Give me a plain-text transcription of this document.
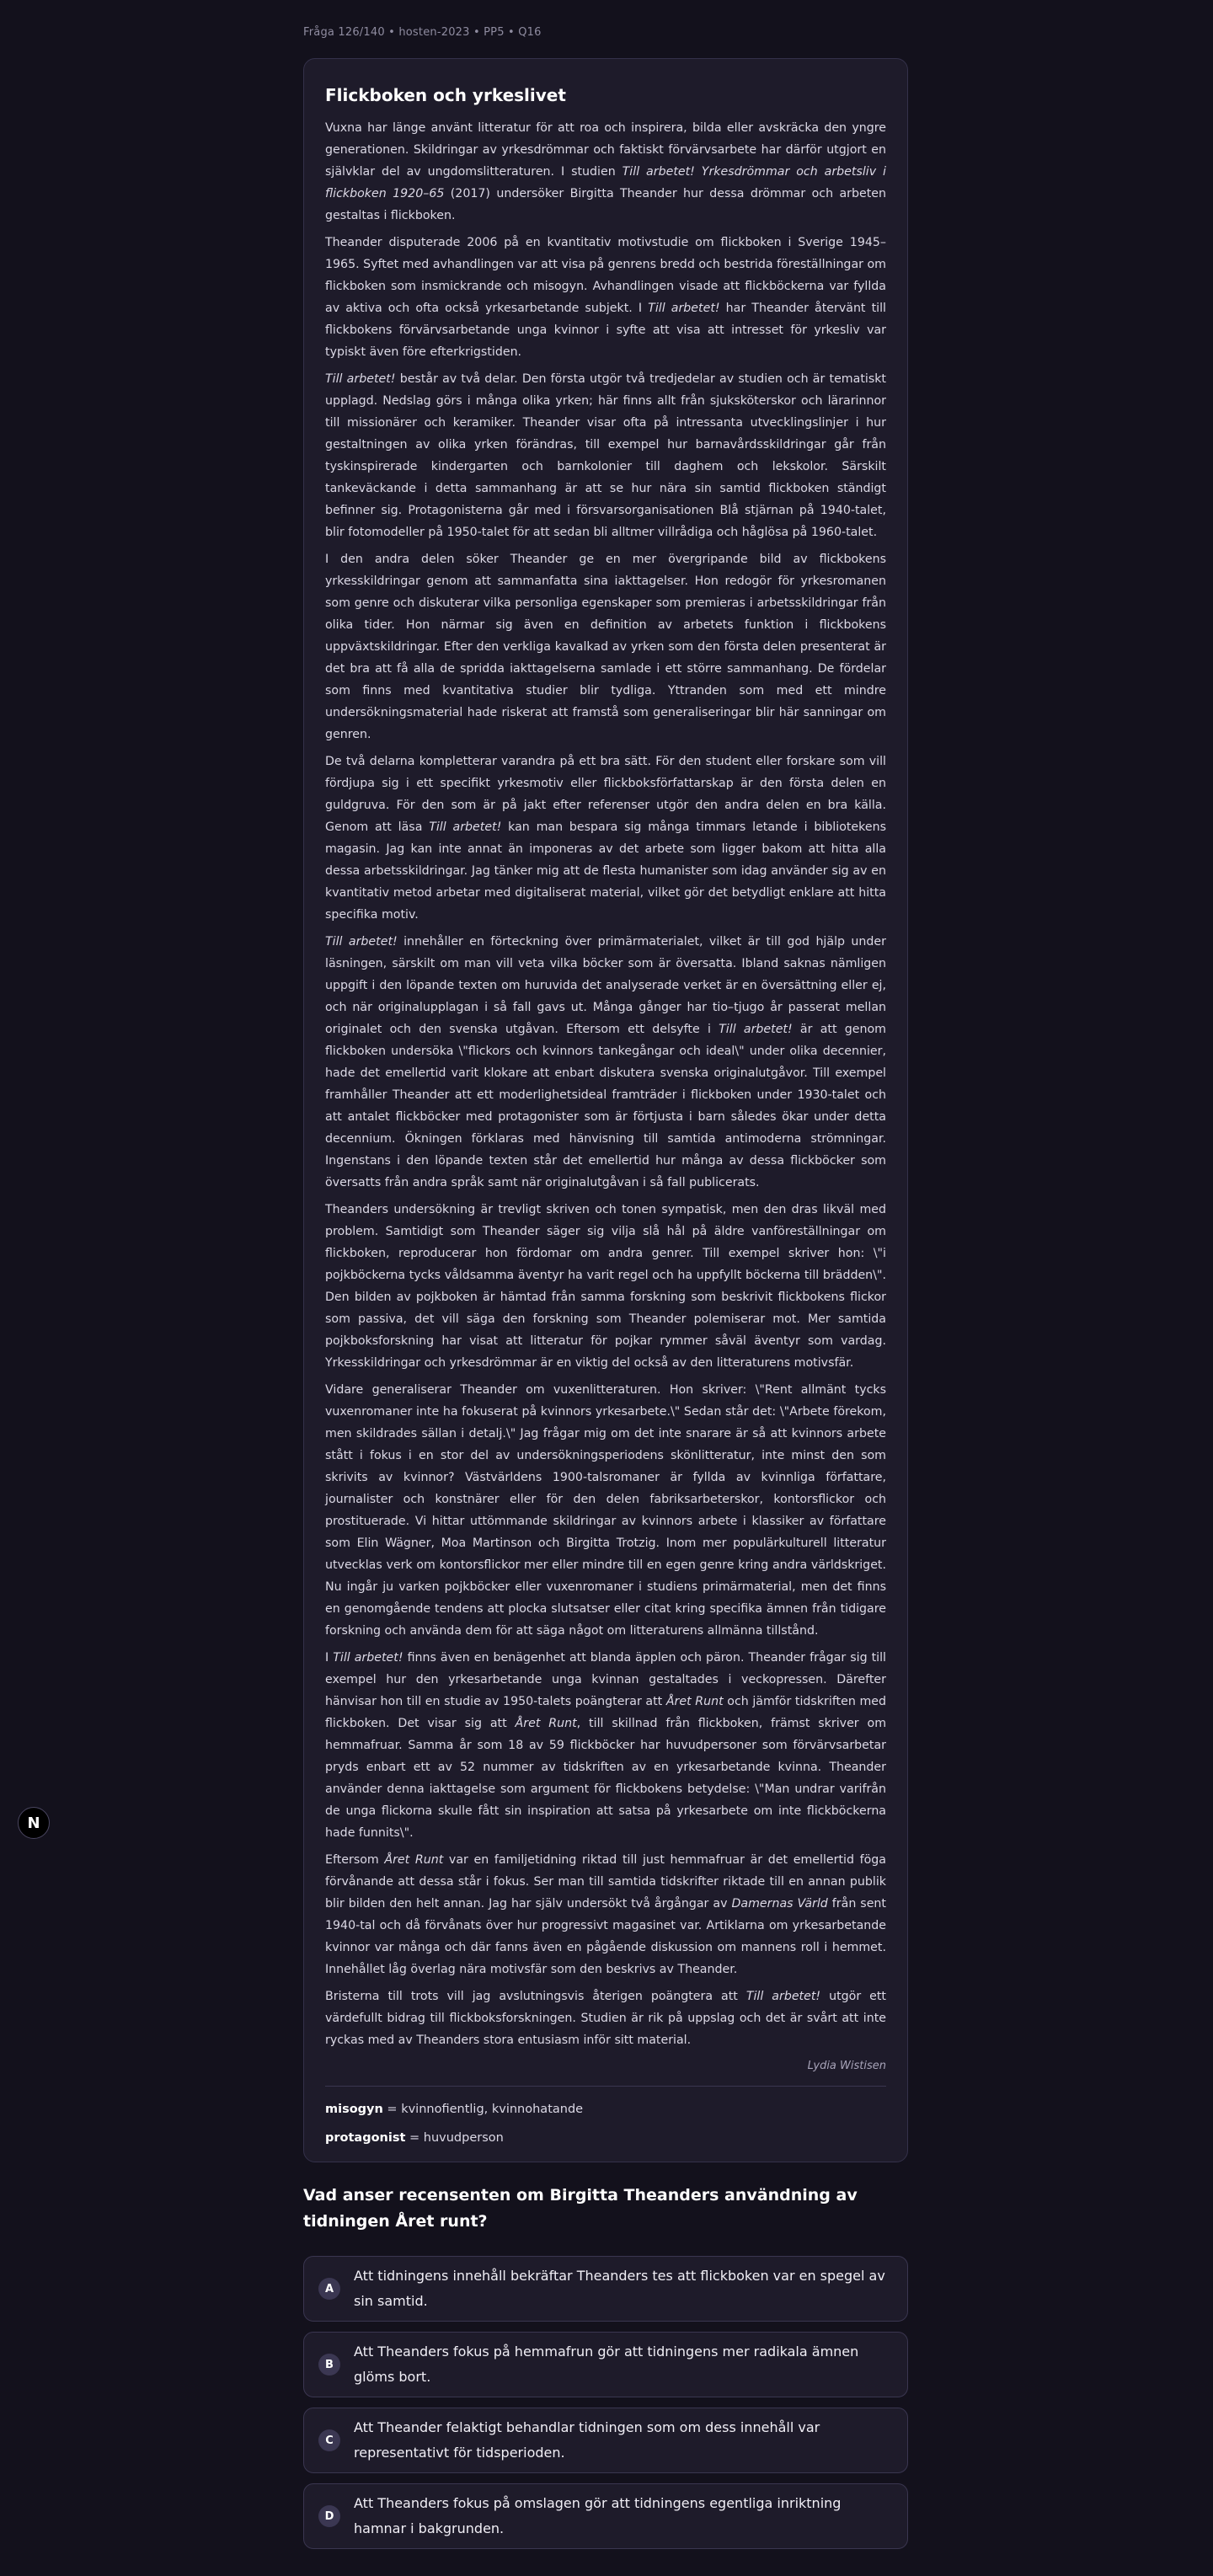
Fråga 126/140 • hosten-2023 • PP5 • Q16
Flickboken och yrkeslivet

Vuxna har länge använt litteratur för att roa och inspirera, bilda eller avskräcka den yngre generationen. Skildringar av yrkesdrömmar och faktiskt förvärvsarbete har därför utgjort en självklar del av ungdomslitteraturen. I studien Till arbetet! Yrkesdrömmar och arbetsliv i flickboken 1920–65 (2017) undersöker Birgitta Theander hur dessa drömmar och arbeten gestaltas i flickboken.

Theander disputerade 2006 på en kvantitativ motivstudie om flickboken i Sverige 1945–1965. Syftet med avhandlingen var att visa på genrens bredd och bestrida föreställningar om flickboken som insmickrande och misogyn. Avhandlingen visade att flickböckerna var fyllda av aktiva och ofta också yrkesarbetande subjekt. I Till arbetet! har Theander återvänt till flickbokens förvärvsarbetande unga kvinnor i syfte att visa att intresset för yrkesliv var typiskt även före efterkrigstiden.

Till arbetet! består av två delar. Den första utgör två tredjedelar av studien och är tematiskt upplagd. Nedslag görs i många olika yrken; här finns allt från sjuksköterskor och lärarinnor till missionärer och keramiker. Theander visar ofta på intressanta utvecklingslinjer i hur gestaltningen av olika yrken förändras, till exempel hur barnavårdsskildringar går från tyskinspirerade kindergarten och barnkolonier till daghem och lekskolor. Särskilt tankeväckande i detta sammanhang är att se hur nära sin samtid flickboken ständigt befinner sig. Protagonisterna går med i försvarsorganisationen Blå stjärnan på 1940-talet, blir fotomodeller på 1950-talet för att sedan bli alltmer villrådiga och håglösa på 1960-talet.

I den andra delen söker Theander ge en mer övergripande bild av flickbokens yrkesskildringar genom att sammanfatta sina iakttagelser. Hon redogör för yrkesromanen som genre och diskuterar vilka personliga egenskaper som premieras i arbetsskildringar från olika tider. Hon närmar sig även en definition av arbetets funktion i flickbokens uppväxtskildringar. Efter den verkliga kavalkad av yrken som den första delen presenterat är det bra att få alla de spridda iakttagelserna samlade i ett större sammanhang. De fördelar som finns med kvantitativa studier blir tydliga. Yttranden som med ett mindre undersökningsmaterial hade riskerat att framstå som generaliseringar blir här sanningar om genren.

De två delarna kompletterar varandra på ett bra sätt. För den student eller forskare som vill fördjupa sig i ett specifikt yrkesmotiv eller flickboksförfattarskap är den första delen en guldgruva. För den som är på jakt efter referenser utgör den andra delen en bra källa. Genom att läsa Till arbetet! kan man bespara sig många timmars letande i bibliotekens magasin. Jag kan inte annat än imponeras av det arbete som ligger bakom att hitta alla dessa arbetsskildringar. Jag tänker mig att de flesta humanister som idag använder sig av en kvantitativ metod arbetar med digitaliserat material, vilket gör det betydligt enklare att hitta specifika motiv.

Till arbetet! innehåller en förteckning över primärmaterialet, vilket är till god hjälp under läsningen, särskilt om man vill veta vilka böcker som är översatta. Ibland saknas nämligen uppgift i den löpande texten om huruvida det analyserade verket är en översättning eller ej, och när originalupplagan i så fall gavs ut. Många gånger har tio–tjugo år passerat mellan originalet och den svenska utgåvan. Eftersom ett delsyfte i Till arbetet! är att genom flickboken undersöka \"flickors och kvinnors tankegångar och ideal\" under olika decennier, hade det emellertid varit klokare att enbart diskutera svenska originalutgåvor. Till exempel framhåller Theander att ett moderlighetsideal framträder i flickboken under 1930-talet och att antalet flickböcker med protagonister som är förtjusta i barn således ökar under detta decennium. Ökningen förklaras med hänvisning till samtida antimoderna strömningar. Ingenstans i den löpande texten står det emellertid hur många av dessa flickböcker som översatts från andra språk samt när originalutgåvan i så fall publicerats.

Theanders undersökning är trevligt skriven och tonen sympatisk, men den dras likväl med problem. Samtidigt som Theander säger sig vilja slå hål på äldre vanföreställningar om flickboken, reproducerar hon fördomar om andra genrer. Till exempel skriver hon: \"i pojkböckerna tycks våldsamma äventyr ha varit regel och ha uppfyllt böckerna till brädden\". Den bilden av pojkboken är hämtad från samma forskning som beskrivit flickbokens flickor som passiva, det vill säga den forskning som Theander polemiserar mot. Mer samtida pojkboksforskning har visat att litteratur för pojkar rymmer såväl äventyr som vardag. Yrkesskildringar och yrkesdrömmar är en viktig del också av den litteraturens motivsfär.

Vidare generaliserar Theander om vuxenlitteraturen. Hon skriver: \"Rent allmänt tycks vuxenromaner inte ha fokuserat på kvinnors yrkesarbete.\" Sedan står det: \"Arbete förekom, men skildrades sällan i detalj.\" Jag frågar mig om det inte snarare är så att kvinnors arbete stått i fokus i en stor del av undersökningsperiodens skönlitteratur, inte minst den som skrivits av kvinnor? Västvärldens 1900-talsromaner är fyllda av kvinnliga författare, journalister och konstnärer eller för den delen fabriksarbeterskor, kontorsflickor och prostituerade. Vi hittar uttömmande skildringar av kvinnors arbete i klassiker av författare som Elin Wägner, Moa Martinson och Birgitta Trotzig. Inom mer populärkulturell litteratur utvecklas verk om kontorsflickor mer eller mindre till en egen genre kring andra världskriget. Nu ingår ju varken pojkböcker eller vuxenromaner i studiens primärmaterial, men det finns en genomgående tendens att plocka slutsatser eller citat kring specifika ämnen från tidigare forskning och använda dem för att säga något om litteraturens allmänna tillstånd.

I Till arbetet! finns även en benägenhet att blanda äpplen och päron. Theander frågar sig till exempel hur den yrkesarbetande unga kvinnan gestaltades i veckopressen. Därefter hänvisar hon till en studie av 1950-talets poängterar att Året Runt och jämför tidskriften med flickboken. Det visar sig att Året Runt, till skillnad från flickboken, främst skriver om hemmafruar. Samma år som 18 av 59 flickböcker har huvudpersoner som förvärvsarbetar pryds enbart ett av 52 nummer av tidskriften av en yrkesarbetande kvinna. Theander använder denna iakttagelse som argument för flickbokens betydelse: \"Man undrar varifrån de unga flickorna skulle fått sin inspiration att satsa på yrkesarbete om inte flickböckerna hade funnits\".

Eftersom Året Runt var en familjetidning riktad till just hemmafruar är det emellertid föga förvånande att dessa står i fokus. Ser man till samtida tidskrifter riktade till en annan publik blir bilden den helt annan. Jag har själv undersökt två årgångar av Damernas Värld från sent 1940-tal och då förvånats över hur progressivt magasinet var. Artiklarna om yrkesarbetande kvinnor var många och där fanns även en pågående diskussion om mannens roll i hemmet. Innehållet låg överlag nära motivsfär som den beskrivs av Theander.

Bristerna till trots vill jag avslutningsvis återigen poängtera att Till arbetet! utgör ett värdefullt bidrag till flickboksforskningen. Studien är rik på uppslag och det är svårt att inte ryckas med av Theanders stora entusiasm inför sitt material.

Lydia Wistisen
misogyn = kvinnofientlig, kvinnohatande
protagonist = huvudperson
Vad anser recensenten om Birgitta Theanders användning av tidningen Året runt?
A
Att tidningens innehåll bekräftar Theanders tes att flickboken var en spegel av sin samtid.
B
Att Theanders fokus på hemmafrun gör att tidningens mer radikala ämnen glöms bort.
C
Att Theander felaktigt behandlar tidningen som om dess innehåll var representativt för tidsperioden.
D
Att Theanders fokus på omslagen gör att tidningens egentliga inriktning hamnar i bakgrunden.
N
